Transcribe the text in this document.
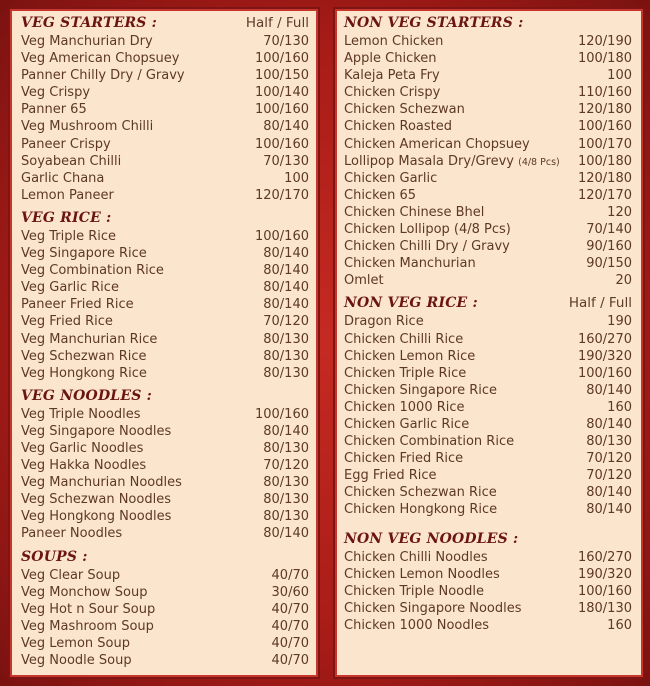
VEG STARTERS :	Half / Full
Veg Manchurian Dry	70/130
Veg American Chopsuey	100/160
Panner Chilly Dry / Gravy	100/150
Veg Crispy	100/140
Panner 65	100/160
Veg Mushroom Chilli	80/140
Paneer Crispy	100/160
Soyabean Chilli	70/130
Garlic Chana	100
Lemon Paneer	120/170
VEG RICE :
Veg Triple Rice	100/160
Veg Singapore Rice	80/140
Veg Combination Rice	80/140
Veg Garlic Rice	80/140
Paneer Fried Rice	80/140
Veg Fried Rice	70/120
Veg Manchurian Rice	80/130
Veg Schezwan Rice	80/130
Veg Hongkong Rice	80/130
VEG NOODLES :
Veg Triple Noodles	100/160
Veg Singapore Noodles	80/140
Veg Garlic Noodles	80/130
Veg Hakka Noodles	70/120
Veg Manchurian Noodles	80/130
Veg Schezwan Noodles	80/130
Veg Hongkong Noodles	80/130
Paneer Noodles	80/140
SOUPS :
Veg Clear Soup	40/70
Veg Monchow Soup	30/60
Veg Hot n Sour Soup	40/70
Veg Mashroom Soup	40/70
Veg Lemon Soup	40/70
Veg Noodle Soup	40/70
NON VEG STARTERS :
Lemon Chicken	120/190
Apple Chicken	100/180
Kaleja Peta Fry	100
Chicken Crispy	110/160
Chicken Schezwan	120/180
Chicken Roasted	100/160
Chicken American Chopsuey	100/170
Lollipop Masala Dry/Grevy (4/8 Pcs) 100/180
Chicken Garlic	120/180
Chicken 65	120/170
Chicken Chinese Bhel	120
Chicken Lollipop (4/8 Pcs)	70/140
Chicken Chilli Dry / Gravy	90/160
Chicken Manchurian	90/150
Omlet	20
NON VEG RICE :	Half / Full
Dragon Rice	190
Chicken Chilli Rice	160/270
Chicken Lemon Rice	190/320
Chicken Triple Rice	100/160
Chicken Singapore Rice	80/140
Chicken 1000 Rice	160
Chicken Garlic Rice	80/140
Chicken Combination Rice	80/130
Chicken Fried Rice	70/120
Egg Fried Rice	70/120
Chicken Schezwan Rice	80/140
Chicken Hongkong Rice	80/140
NON VEG NOODLES :
Chicken Chilli Noodles	160/270
Chicken Lemon Noodles	190/320
Chicken Triple Noodle	100/160
Chicken Singapore Noodles	180/130
Chicken 1000 Noodles	160
